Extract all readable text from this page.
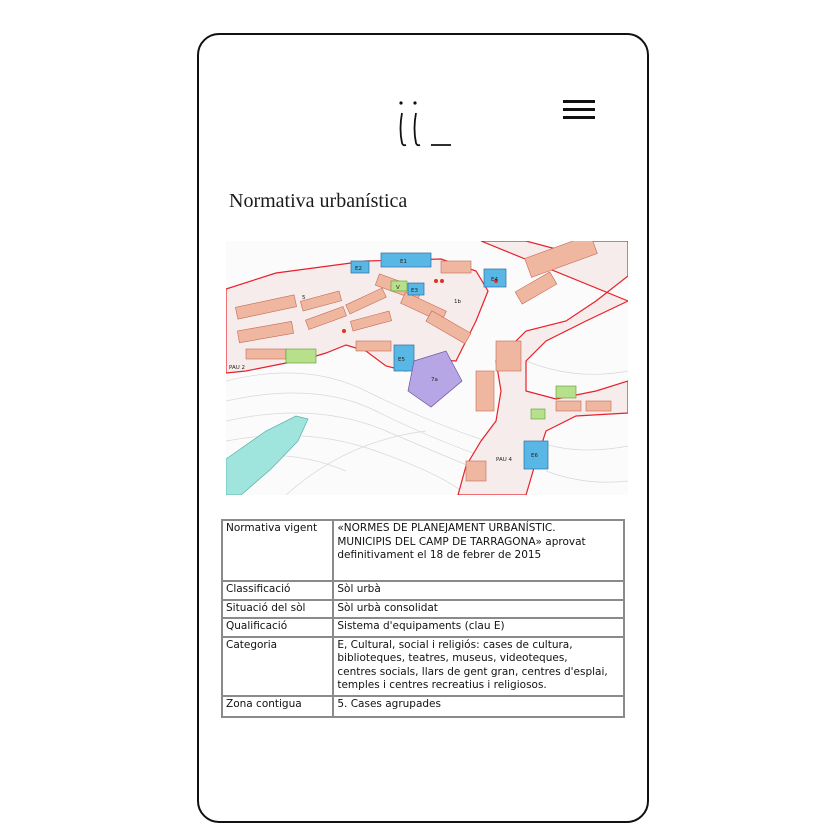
Normativa urbanística
E1
E2
E3
E4
E5
E6
7a
V
PAU 2
PAU 4
1b
5
Normativa vigent	«NORMES DE PLANEJAMENT URBANÍSTIC.
MUNICIPIS DEL CAMP DE TARRAGONA» aprovat
definitivament el 18 de febrer de 2015
Classificació	Sòl urbà
Situació del sòl	Sòl urbà consolidat
Qualificació	Sistema d'equipaments (clau E)
Categoria	E, Cultural, social i religiós: cases de cultura,
biblioteques, teatres, museus, videoteques,
centres socials, llars de gent gran, centres d'esplai,
temples i centres recreatius i religiosos.
Zona contigua	5. Cases agrupades
